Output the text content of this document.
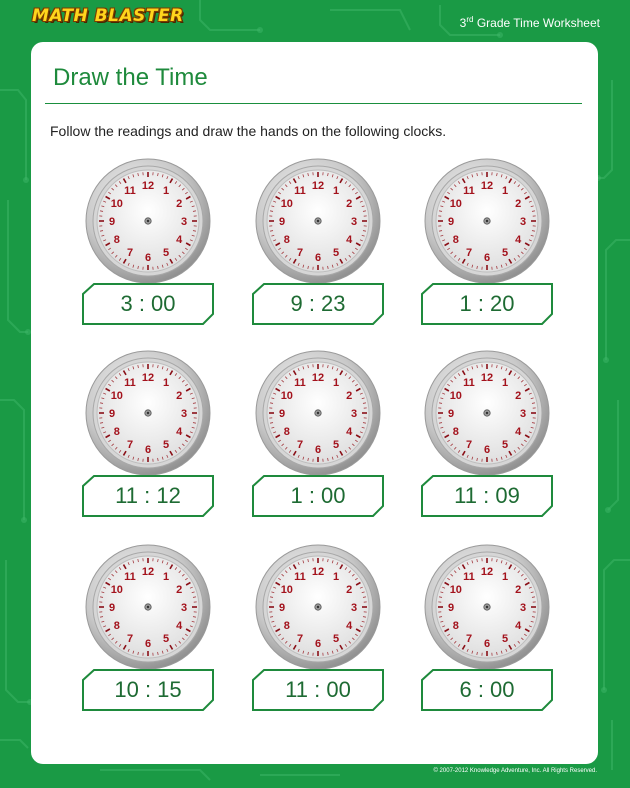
MATH BLASTER	3rd Grade Time Worksheet
Draw the Time
Follow the readings and draw the hands on the following clocks.
12 1
2
3
4
5
6
7
8
9
10
11
3 : 00
12 1
2
3
4
5
6
7
8
9
10
11
9 : 23
12 1
2
3
4
5
6
7
8
9
10
11
1 : 20
12 1
2
3
4
5
6
7
8
9
10
11
11 : 12
12 1
2
3
4
5
6
7
8
9
10
11
1 : 00
12 1
2
3
4
5
6
7
8
9
10
11
11 : 09
12 1
2
3
4
5
6
7
8
9
10
11
10 : 15
12 1
2
3
4
5
6
7
8
9
10
11
11 : 00
12 1
2
3
4
5
6
7
8
9
10
11
6 : 00
© 2007-2012 Knowledge Adventure, Inc. All Rights Reserved.
